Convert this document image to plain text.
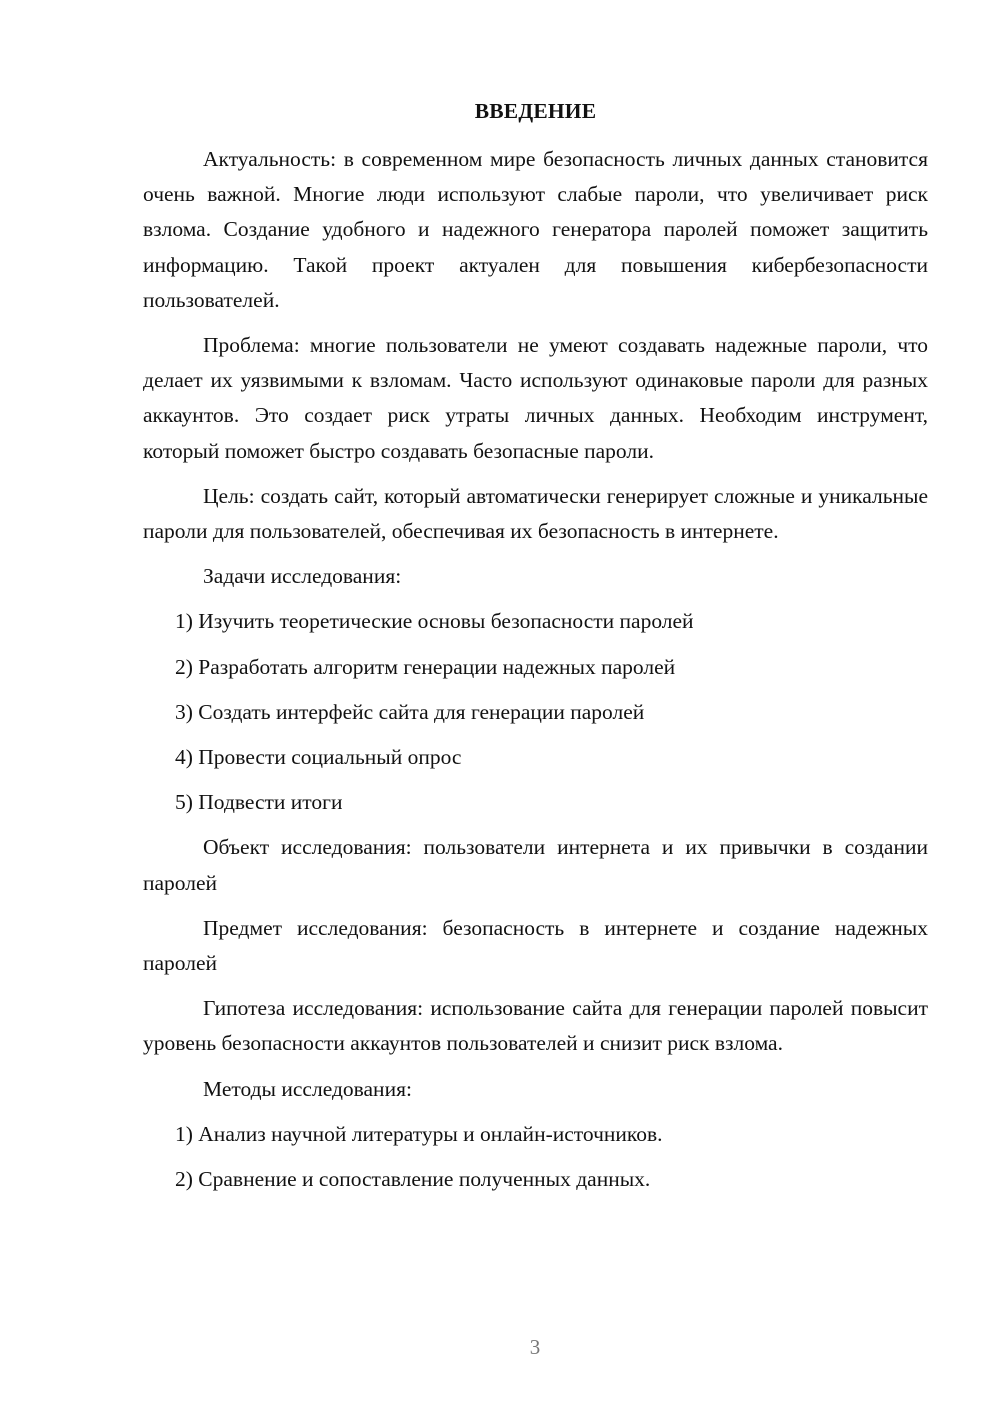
ВВЕДЕНИЕ

Актуальность: в современном мире безопасность личных данных становится очень важной. Многие люди используют слабые пароли, что увеличивает риск взлома. Создание удобного и надежного генератора паролей поможет защитить информацию. Такой проект актуален для повышения кибербезопасности пользователей.

Проблема: многие пользователи не умеют создавать надежные пароли, что делает их уязвимыми к взломам. Часто используют одинаковые пароли для разных аккаунтов. Это создает риск утраты личных данных. Необходим инструмент, который поможет быстро создавать безопасные пароли.

Цель: создать сайт, который автоматически генерирует сложные и уникальные пароли для пользователей, обеспечивая их безопасность в интернете.

Задачи исследования:

1) Изучить теоретические основы безопасности паролей

2) Разработать алгоритм генерации надежных паролей

3) Создать интерфейс сайта для генерации паролей

4) Провести социальный опрос

5) Подвести итоги

Объект исследования: пользователи интернета и их привычки в создании паролей

Предмет исследования: безопасность в интернете и создание надежных паролей

Гипотеза исследования: использование сайта для генерации паролей повысит уровень безопасности аккаунтов пользователей и снизит риск взлома.

Методы исследования:

1) Анализ научной литературы и онлайн-источников.

2) Сравнение и сопоставление полученных данных.

3
